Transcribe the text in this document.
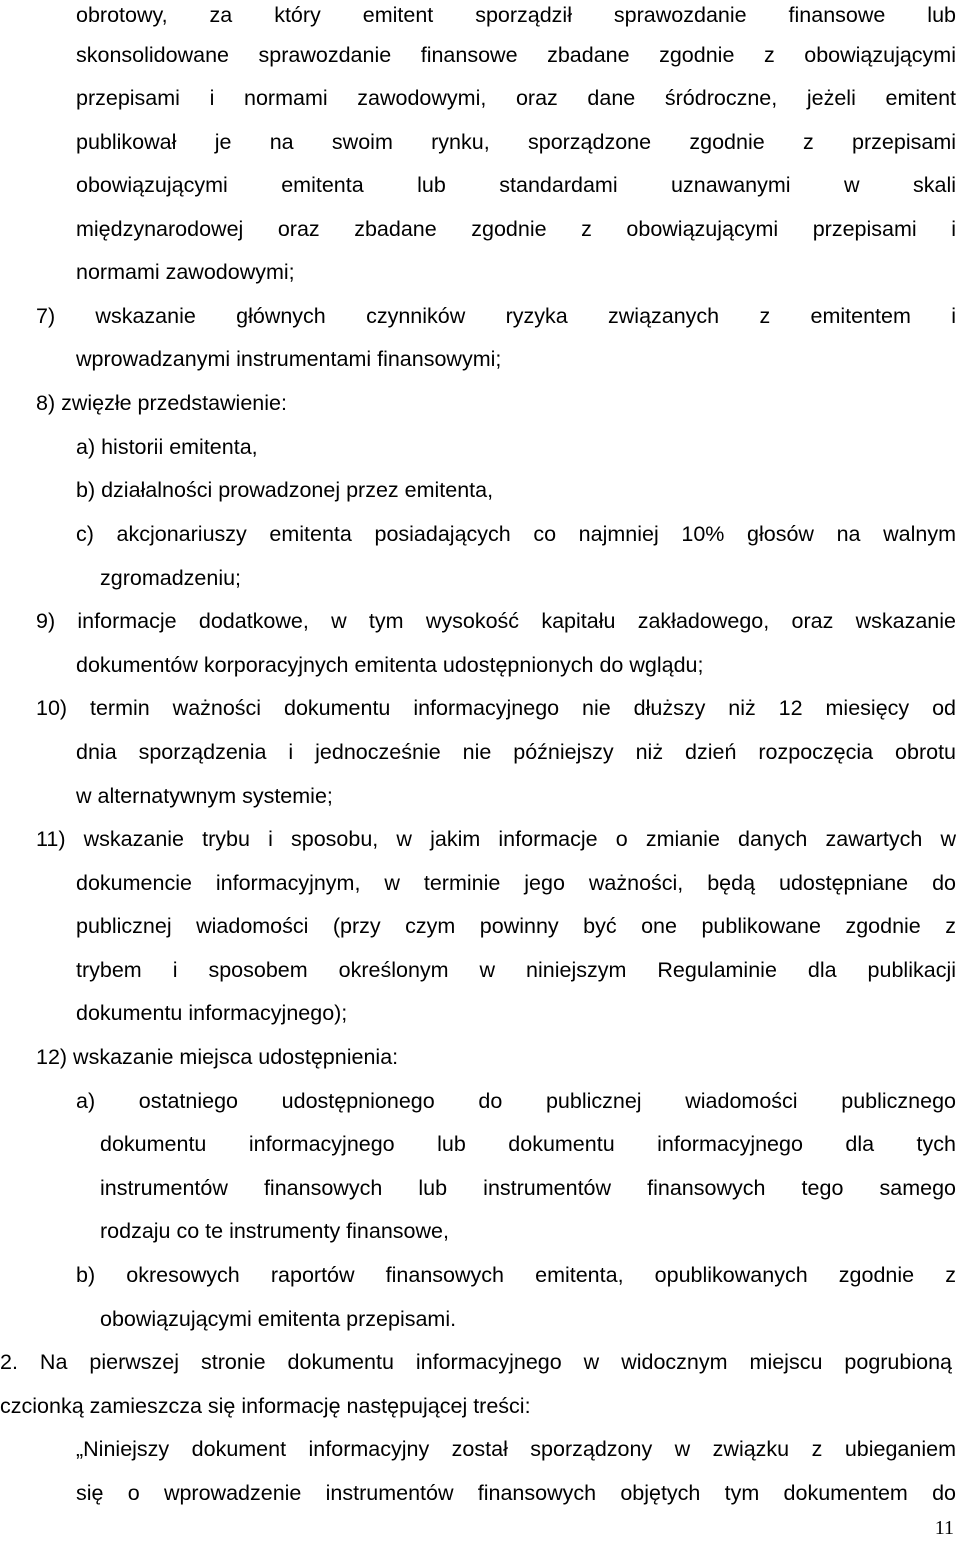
obrotowy, za który emitent sporządził sprawozdanie finansowe lub
skonsolidowane sprawozdanie finansowe zbadane zgodnie z obowiązującymi
przepisami i normami zawodowymi, oraz dane śródroczne, jeżeli emitent
publikował je na swoim rynku, sporządzone zgodnie z przepisami
obowiązującymi emitenta lub standardami uznawanymi w skali
międzynarodowej oraz zbadane zgodnie z obowiązującymi przepisami i
normami zawodowymi;
7) wskazanie głównych czynników ryzyka związanych z emitentem i
wprowadzanymi instrumentami finansowymi;
8) zwięzłe przedstawienie:
a) historii emitenta,
b) działalności prowadzonej przez emitenta,
c) akcjonariuszy emitenta posiadających co najmniej 10% głosów na walnym
zgromadzeniu;
9) informacje dodatkowe, w tym wysokość kapitału zakładowego, oraz wskazanie
dokumentów korporacyjnych emitenta udostępnionych do wglądu;
10) termin ważności dokumentu informacyjnego nie dłuższy niż 12 miesięcy od
dnia sporządzenia i jednocześnie nie późniejszy niż dzień rozpoczęcia obrotu
w alternatywnym systemie;
11) wskazanie trybu i sposobu, w jakim informacje o zmianie danych zawartych w
dokumencie informacyjnym, w terminie jego ważności, będą udostępniane do
publicznej wiadomości (przy czym powinny być one publikowane zgodnie z
trybem i sposobem określonym w niniejszym Regulaminie dla publikacji
dokumentu informacyjnego);
12) wskazanie miejsca udostępnienia:
a) ostatniego udostępnionego do publicznej wiadomości publicznego
dokumentu informacyjnego lub dokumentu informacyjnego dla tych
instrumentów finansowych lub instrumentów finansowych tego samego
rodzaju co te instrumenty finansowe,
b) okresowych raportów finansowych emitenta, opublikowanych zgodnie z
obowiązującymi emitenta przepisami.
2. Na pierwszej stronie dokumentu informacyjnego w widocznym miejscu pogrubioną
czcionką zamieszcza się informację następującej treści:
„Niniejszy dokument informacyjny został sporządzony w związku z ubieganiem
się o wprowadzenie instrumentów finansowych objętych tym dokumentem do
11
